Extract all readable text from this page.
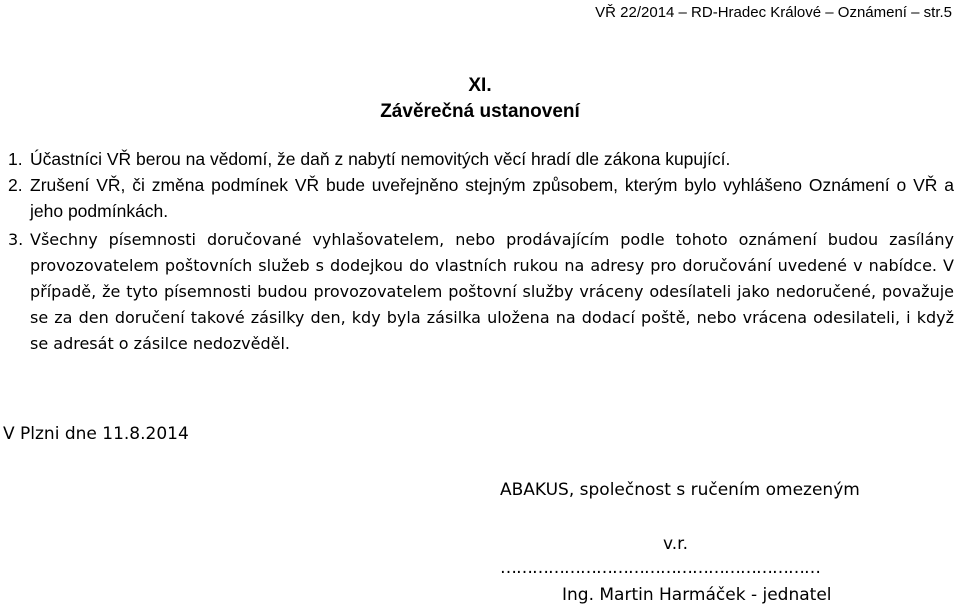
VŘ 22/2014 – RD-Hradec Králové – Oznámení – str.5
XI.
Závěrečná ustanovení
1. Účastníci VŘ berou na vědomí, že daň z nabytí nemovitých věcí hradí dle zákona kupující.
2. Zrušení VŘ, či změna podmínek VŘ bude uveřejněno stejným způsobem, kterým bylo vyhlášeno Oznámení o VŘ a jeho podmínkách.
3. Všechny písemnosti doručované vyhlašovatelem, nebo prodávajícím podle tohoto oznámení budou zasílány provozovatelem poštovních služeb s dodejkou do vlastních rukou na adresy pro doručování uvedené v nabídce. V případě, že tyto písemnosti budou provozovatelem poštovní služby vráceny odesílateli jako nedoručené, považuje se za den doručení takové zásilky den, kdy byla zásilka uložena na dodací poště, nebo vrácena odesilateli, i když se adresát o zásilce nedozvěděl.
V Plzni dne 11.8.2014
ABAKUS, společnost s ručením omezeným
v.r.
……………………………………………………
Ing. Martin Harmáček - jednatel
